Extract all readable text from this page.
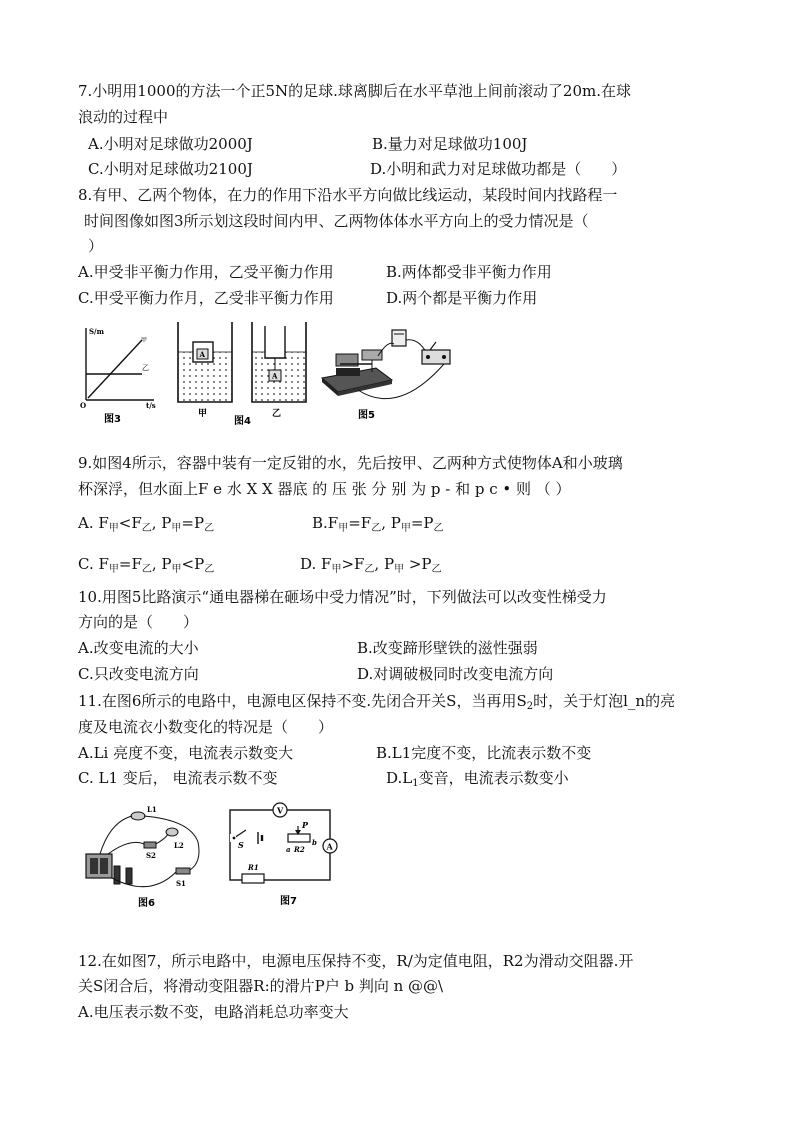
7.小明用1000的方法一个正5N的足球.球离脚后在水平草池上间前滚动了20m.在球
浪动的过程中
A.小明对足球做功2000J	B.量力对足球做功100J
C.小明对足球做功2100J	D.小明和武力对足球做功都是（　　）
8.有甲、乙两个物体，在力的作用下沿水平方向做比线运动，某段时间内找路程一
时间图像如图3所示划这段时间内甲、乙两物体体水平方向上的受力情况是（
）
A.甲受非平衡力作用，乙受平衡力作用	B.两体都受非平衡力作用
C.甲受平衡力作月，乙受非平衡力作用	D.两个都是平衡力作用
S/m
t/s
O
甲
乙
图3
A
甲
A
乙
图4
图5
9.如图4所示，容器中装有一定反钳的水，先后按甲、乙两种方式使物体A和小玻璃
杯深浮，但水面上F e 水 X X 器底 的 压 张 分 别 为 p - 和 p c • 则 （ ）
A. $F_甲<F_乙$, $P_甲=P_乙$	$B.F_甲=F_乙$, $P_甲=P_乙$
C. $F_甲=F_乙$, $P_甲<P_乙$	D. $F_甲>F_乙$, $P_甲 >P_乙$
10.用图5比路演示“通电器梯在砸场中受力情况”时，下列做法可以改变性梯受力
方向的是（　　）
A.改变电流的大小	B.改变蹄形壁铁的滋性强弱
C.只改变电流方向	D.对调破极同时改变电流方向
11.在图6所示的电路中，电源电区保持不变.先闭合开关S，当再用$S_2$时，关于灯泡l_n的亮
度及电流衣小数变化的特况是（　　）
A.Li 亮度不变，电流表示数变大	B.L1完度不变，比流表示数不变
C. L1 变后， 电流表示数不变	$D.L_1$变音，电流表示数变小
L1
L2
S2
S1
图6
V
S
P
a R2
b A
R1
图7
12.在如图7，所示电路中，电源电压保持不变，R/为定值电阻，R2为滑动交阻器.开
关S闭合后，将滑动变阻器R:的滑片P户 b 判向 n @@\
A.电压表示数不变，电路消耗总功率变大
